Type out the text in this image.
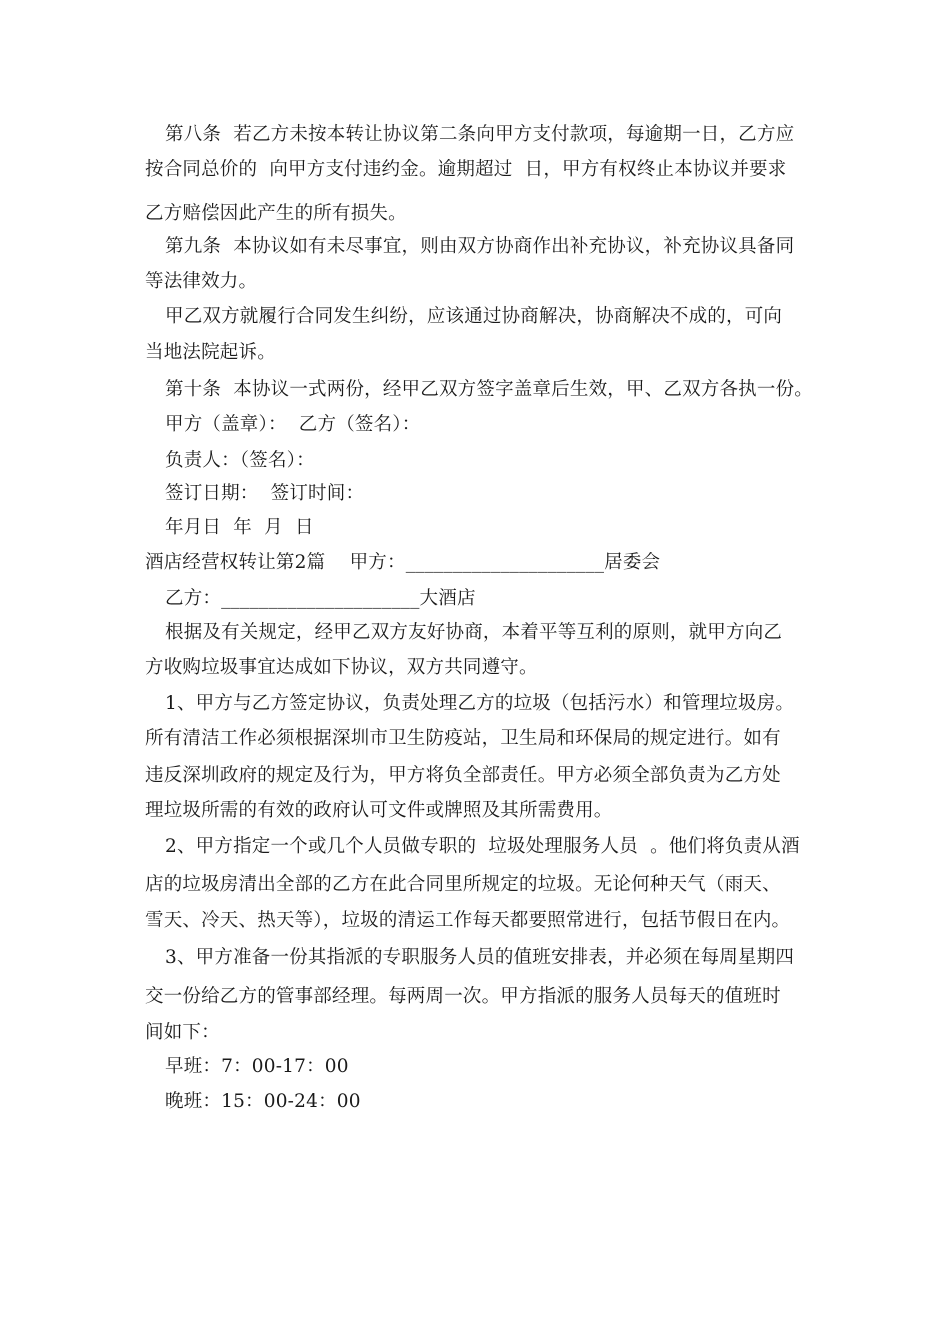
第八条  若乙方未按本转让协议第二条向甲方支付款项，每逾期一日，乙方应

按合同总价的  向甲方支付违约金。逾期超过  日，甲方有权终止本协议并要求

乙方赔偿因此产生的所有损失。

第九条  本协议如有未尽事宜，则由双方协商作出补充协议，补充协议具备同

等法律效力。

甲乙双方就履行合同发生纠纷，应该通过协商解决，协商解决不成的，可向

当地法院起诉。

第十条  本协议一式两份，经甲乙双方签字盖章后生效，甲、乙双方各执一份。

甲方（盖章）：  乙方（签名）：

负责人：（签名）：

签订日期：  签订时间：

年月日  年  月  日

酒店经营权转让第2篇    甲方：_____________________居委会

乙方：_____________________大酒店

根据及有关规定，经甲乙双方友好协商，本着平等互利的原则，就甲方向乙

方收购垃圾事宜达成如下协议，双方共同遵守。

1、甲方与乙方签定协议，负责处理乙方的垃圾（包括污水）和管理垃圾房。

所有清洁工作必须根据深圳市卫生防疫站，卫生局和环保局的规定进行。如有

违反深圳政府的规定及行为，甲方将负全部责任。甲方必须全部负责为乙方处

理垃圾所需的有效的政府认可文件或牌照及其所需费用。

2、甲方指定一个或几个人员做专职的  垃圾处理服务人员  。他们将负责从酒

店的垃圾房清出全部的乙方在此合同里所规定的垃圾。无论何种天气（雨天、

雪天、冷天、热天等），垃圾的清运工作每天都要照常进行，包括节假日在内。

3、甲方准备一份其指派的专职服务人员的值班安排表，并必须在每周星期四

交一份给乙方的管事部经理。每两周一次。甲方指派的服务人员每天的值班时

间如下：

早班：7：00-17：00

晚班：15：00-24：00
